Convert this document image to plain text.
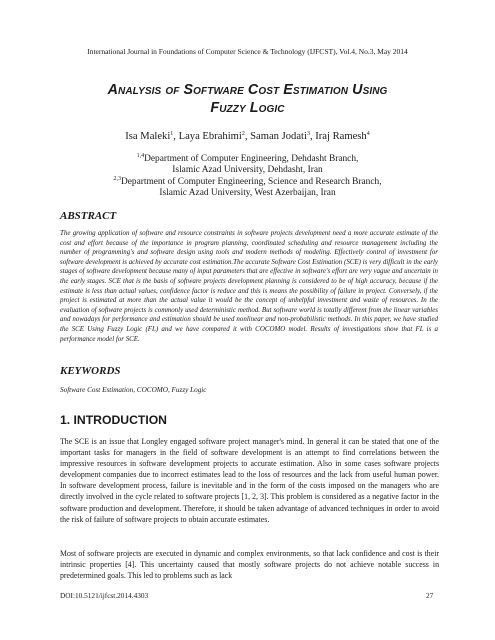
International Journal in Foundations of Computer Science & Technology (IJFCST), Vol.4, No.3, May 2014
Analysis of Software Cost Estimation Using
Fuzzy Logic
Isa Maleki$^1$, Laya Ebrahimi$^2$, Saman Jodati$^3$, Iraj Ramesh$^4$
$^{1,4}$Department of Computer Engineering, Dehdasht Branch,
Islamic Azad University, Dehdasht, Iran
$^{2,3}$Department of Computer Engineering, Science and Research Branch,
Islamic Azad University, West Azerbaijan, Iran
ABSTRACT
The growing application of software and resource constraints in software projects development need a more accurate estimate of the cost and effort because of the importance in program planning, coordinated scheduling and resource management including the number of programming's and software design using tools and modern methods of modeling. Effectively control of investment for software development is achieved by accurate cost estimation.The accurate Software Cost Estimation (SCE) is very difficult in the early stages of software development because many of input parameters that are effective in software's effort are very vague and uncertain in the early stages. SCE that is the basis of software projects development planning is considered to be of high accuracy, because if the estimate is less than actual values, confidence factor is reduce and this is means the possibility of failure in project. Conversely, if the project is estimated at more than the actual value it would be the concept of unhelpful investment and waste of resources. In the evaluation of software projects is commonly used deterministic method. But software world is totally different from the linear variables and nowadays for performance and estimation should be used nonlinear and non-probabilistic methods. In this paper, we have studied the SCE Using Fuzzy Logic (FL) and we have compared it with COCOMO model. Results of investigations show that FL is a performance model for SCE.
KEYWORDS
Software Cost Estimation, COCOMO, Fuzzy Logic
1. INTRODUCTION
The SCE is an issue that Longley engaged software project manager's mind. In general it can be stated that one of the important tasks for managers in the field of software development is an attempt to find correlations between the impressive resources in software development projects to accurate estimation. Also in some cases software projects development companies due to incorrect estimates lead to the loss of resources and the lack from useful human power. In software development process, failure is inevitable and in the form of the costs imposed on the managers who are directly involved in the cycle related to software projects [1, 2, 3]. This problem is considered as a negative factor in the software production and development. Therefore, it should be taken advantage of advanced techniques in order to avoid the risk of failure of software projects to obtain accurate estimates.
Most of software projects are executed in dynamic and complex environments, so that lack confidence and cost is their intrinsic properties [4]. This uncertainty caused that mostly software projects do not achieve notable success in predetermined goals. This led to problems such as lack
DOI:10.5121/ijfcst.2014.4303	27
